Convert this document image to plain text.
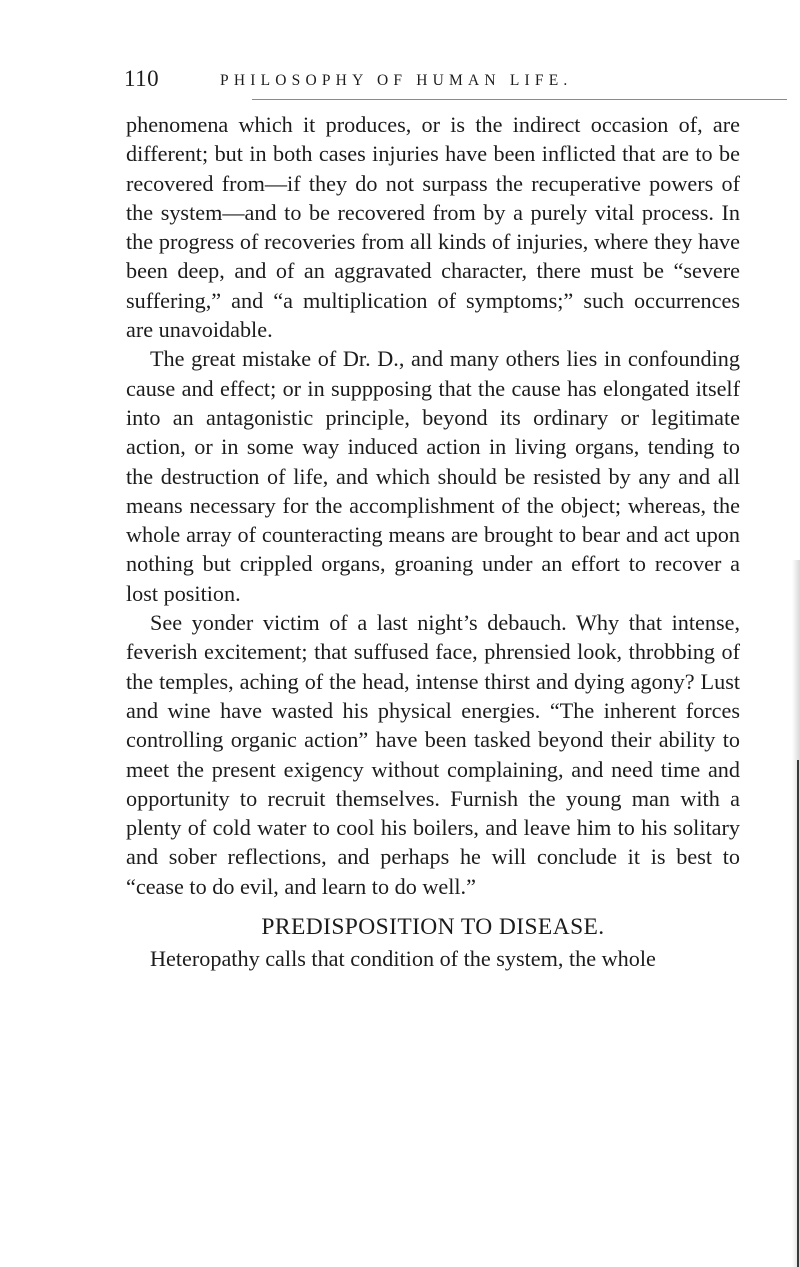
110	PHILOSOPHY OF HUMAN LIFE.

phenomena which it produces, or is the indirect occasion of, are different; but in both cases injuries have been inflicted that are to be recovered from—if they do not surpass the recuperative powers of the system—and to be recovered from by a purely vital process. In the progress of recoveries from all kinds of injuries, where they have been deep, and of an aggravated character, there must be “severe suffering,” and “a multiplication of symptoms;” such occurrences are unavoidable.

The great mistake of Dr. D., and many others lies in confounding cause and effect; or in suppposing that the cause has elongated itself into an antagonistic principle, beyond its ordinary or legitimate action, or in some way induced action in living organs, tending to the destruction of life, and which should be resisted by any and all means necessary for the accomplishment of the object; whereas, the whole array of counteracting means are brought to bear and act upon nothing but crippled organs, groaning under an effort to recover a lost position.

See yonder victim of a last night’s debauch. Why that intense, feverish excitement; that suffused face, phrensied look, throbbing of the temples, aching of the head, intense thirst and dying agony? Lust and wine have wasted his physical energies. “The inherent forces controlling organic action” have been tasked beyond their ability to meet the present exigency without complaining, and need time and opportunity to recruit themselves. Furnish the young man with a plenty of cold water to cool his boilers, and leave him to his solitary and sober reflections, and perhaps he will conclude it is best to “cease to do evil, and learn to do well.”

PREDISPOSITION TO DISEASE.

Heteropathy calls that condition of the system, the whole
